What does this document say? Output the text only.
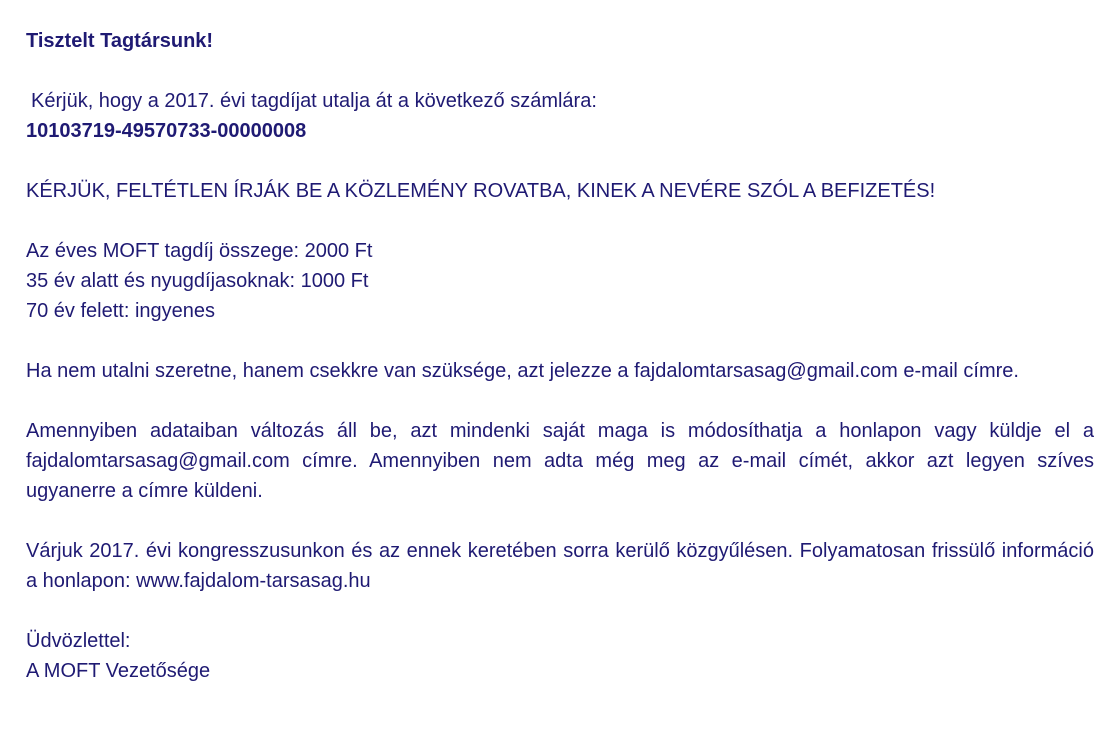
Tisztelt Tagtársunk!
Kérjük, hogy a 2017. évi tagdíjat utalja át a következő számlára:
10103719-49570733-00000008
KÉRJÜK, FELTÉTLEN ÍRJÁK BE A KÖZLEMÉNY ROVATBA, KINEK A NEVÉRE SZÓL A BEFIZETÉS!
Az éves MOFT tagdíj összege: 2000 Ft
35 év alatt és nyugdíjasoknak: 1000 Ft
70 év felett: ingyenes
Ha nem utalni szeretne, hanem csekkre van szüksége, azt jelezze a fajdalomtarsasag@gmail.com e-mail címre.
Amennyiben adataiban változás áll be, azt mindenki saját maga is módosíthatja a honlapon vagy küldje el a fajdalomtarsasag@gmail.com címre. Amennyiben nem adta még meg az e-mail címét, akkor azt legyen szíves ugyanerre a címre küldeni.
Várjuk 2017. évi kongresszusunkon és az ennek keretében sorra kerülő közgyűlésen. Folyamatosan frissülő információ a honlapon: www.fajdalom-tarsasag.hu
Üdvözlettel:
A MOFT Vezetősége
